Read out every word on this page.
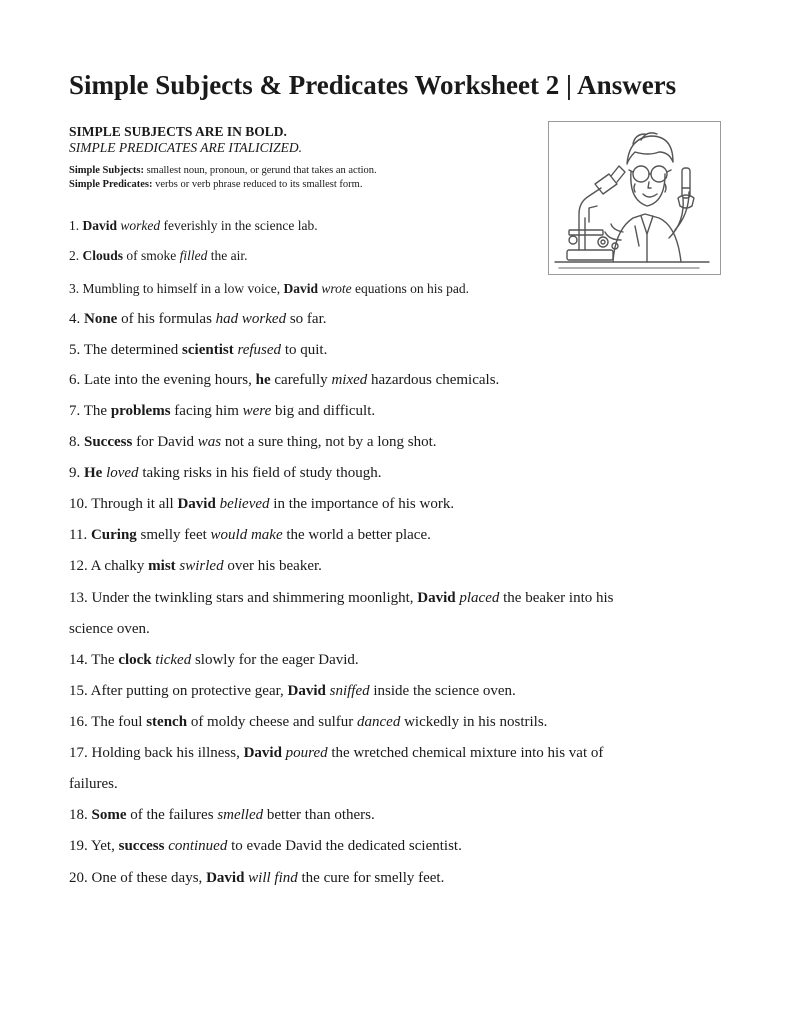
Simple Subjects & Predicates Worksheet 2 | Answers
SIMPLE SUBJECTS ARE IN BOLD.
SIMPLE PREDICATES ARE ITALICIZED.
Simple Subjects: smallest noun, pronoun, or gerund that takes an action.
Simple Predicates: verbs or verb phrase reduced to its smallest form.
1. David worked feverishly in the science lab.
2. Clouds of smoke filled the air.
3. Mumbling to himself in a low voice, David wrote equations on his pad.
4. None of his formulas had worked so far.
5. The determined scientist refused to quit.
6. Late into the evening hours, he carefully mixed hazardous chemicals.
7. The problems facing him were big and difficult.
8. Success for David was not a sure thing, not by a long shot.
9. He loved taking risks in his field of study though.
10. Through it all David believed in the importance of his work.
11. Curing smelly feet would make the world a better place.
12. A chalky mist swirled over his beaker.
13. Under the twinkling stars and shimmering moonlight, David placed the beaker into his
science oven.
14. The clock ticked slowly for the eager David.
15. After putting on protective gear, David sniffed inside the science oven.
16. The foul stench of moldy cheese and sulfur danced wickedly in his nostrils.
17. Holding back his illness, David poured the wretched chemical mixture into his vat of
failures.
18. Some of the failures smelled better than others.
19. Yet, success continued to evade David the dedicated scientist.
20. One of these days, David will find the cure for smelly feet.
